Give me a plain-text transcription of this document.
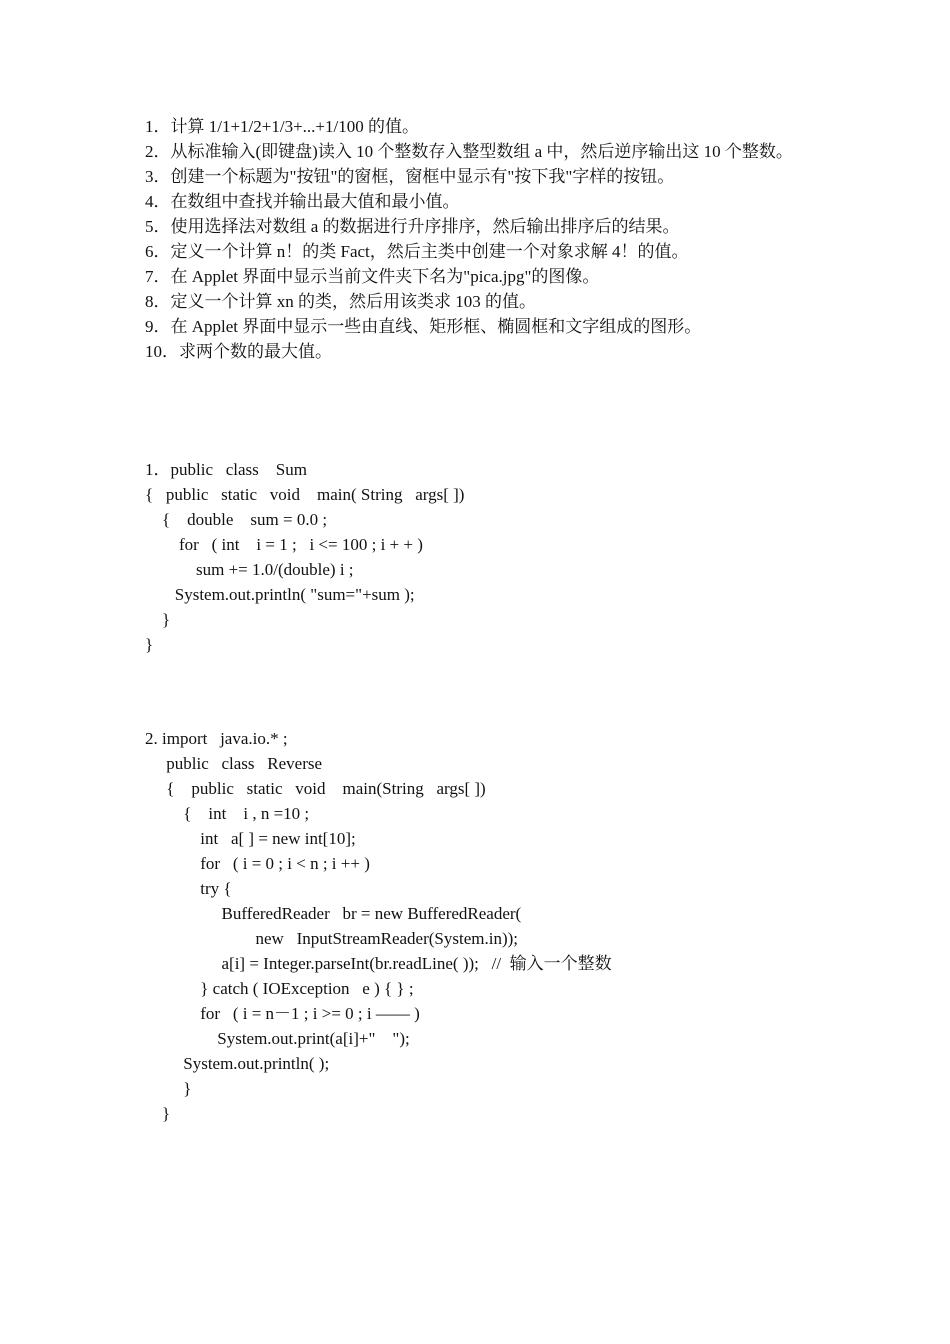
1．计算 1/1+1/2+1/3+...+1/100 的值。
2．从标准输入(即键盘)读入 10 个整数存入整型数组 a 中，然后逆序输出这 10 个整数。
3．创建一个标题为"按钮"的窗框，窗框中显示有"按下我"字样的按钮。
4．在数组中查找并输出最大值和最小值。
5．使用选择法对数组 a 的数据进行升序排序，然后输出排序后的结果。
6．定义一个计算 n！的类 Fact，然后主类中创建一个对象求解 4！的值。
7．在 Applet 界面中显示当前文件夹下名为"pica.jpg"的图像。
8．定义一个计算 xn 的类，然后用该类求 103 的值。
9．在 Applet 界面中显示一些由直线、矩形框、椭圆框和文字组成的图形。
10．求两个数的最大值。
1．public   class    Sum
{   public   static   void    main( String   args[ ])
{    double    sum = 0.0 ;
for   ( int    i = 1 ;   i <= 100 ; i + + )
sum += 1.0/(double) i ;
System.out.println( "sum="+sum );
}
}
2. import   java.io.* ;
public   class   Reverse
{    public   static   void    main(String   args[ ])
{    int    i , n =10 ;
int   a[ ] = new int[10];
for   ( i = 0 ; i < n ; i ++ )
try {
BufferedReader   br = new BufferedReader(
new   InputStreamReader(System.in));
a[i] = Integer.parseInt(br.readLine( ));   //  输入一个整数
} catch ( IOException   e ) { } ;
for   ( i = n－1 ; i >= 0 ; i ―― )
System.out.print(a[i]+"    ");
System.out.println( );
}
}
